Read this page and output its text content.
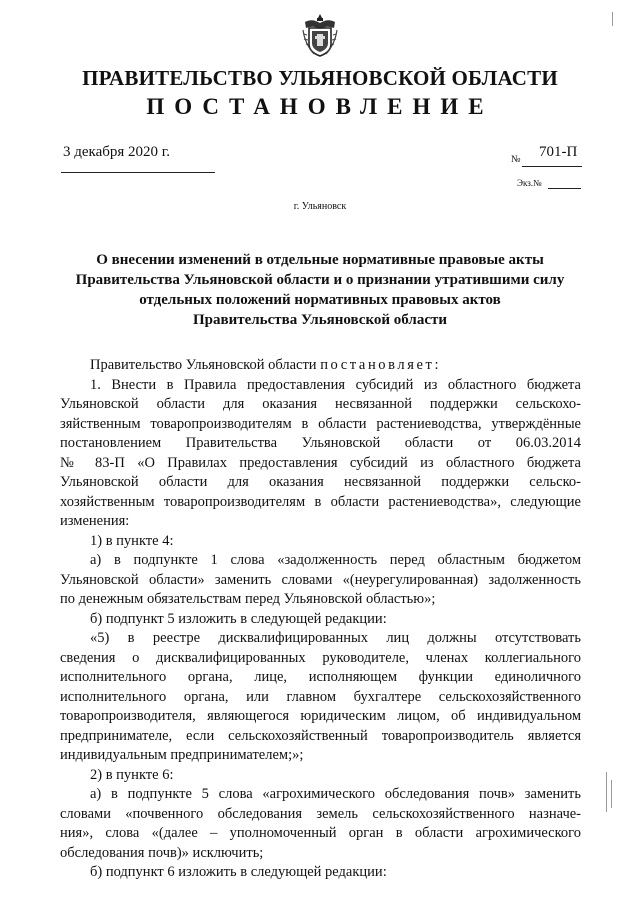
ПРАВИТЕЛЬСТВО УЛЬЯНОВСКОЙ ОБЛАСТИ
ПОСТАНОВЛЕНИЕ
3 декабря 2020 г.	№ 701-П
Экз.№
г. Ульяновск
О внесении изменений в отдельные нормативные правовые акты
Правительства Ульяновской области и о признании утратившими силу
отдельных положений нормативных правовых актов
Правительства Ульяновской области
Правительство Ульяновской области постановляет:
1. Внести в Правила предоставления субсидий из областного бюджета
Ульяновской области для оказания несвязанной поддержки сельскохо-
зяйственным товаропроизводителям в области растениеводства, утверждённые
постановлением Правительства Ульяновской области от 06.03.2014
№ 83-П «О Правилах предоставления субсидий из областного бюджета
Ульяновской области для оказания несвязанной поддержки сельско-
хозяйственным товаропроизводителям в области растениеводства», следующие
изменения:
1) в пункте 4:
а) в подпункте 1 слова «задолженность перед областным бюджетом
Ульяновской области» заменить словами «(неурегулированная) задолженность
по денежным обязательствам перед Ульяновской областью»;
б) подпункт 5 изложить в следующей редакции:
«5) в реестре дисквалифицированных лиц должны отсутствовать
сведения о дисквалифицированных руководителе, членах коллегиального
исполнительного органа, лице, исполняющем функции единоличного
исполнительного органа, или главном бухгалтере сельскохозяйственного
товаропроизводителя, являющегося юридическим лицом, об индивидуальном
предпринимателе, если сельскохозяйственный товаропроизводитель является
индивидуальным предпринимателем;»;
2) в пункте 6:
а) в подпункте 5 слова «агрохимического обследования почв» заменить
словами «почвенного обследования земель сельскохозяйственного назначе-
ния», слова «(далее – уполномоченный орган в области агрохимического
обследования почв)» исключить;
б) подпункт 6 изложить в следующей редакции:
